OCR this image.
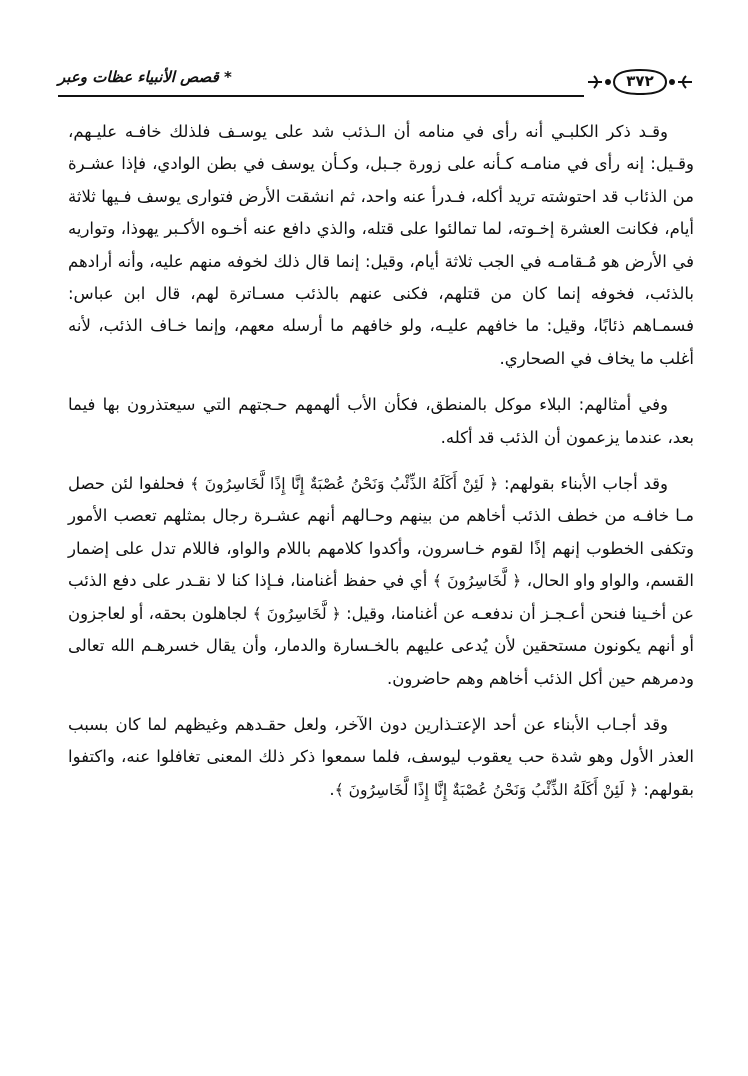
* قصص الأنبياء عظات وعبر	٣٧٢

وقـد ذكر الكلبـي أنه رأى في منامه أن الـذئب شد على يوسـف فلذلك خافـه عليـهم، وقـيل: إنه رأى في منامـه كـأنه على زورة جـبل، وكـأن يوسف في بطن الوادي، فإذا عشـرة من الذئاب قد احتوشته تريد أكله، فـدرأ عنه واحد، ثم انشقت الأرض فتوارى يوسف فـيها ثلاثة أيام، فكانت العشرة إخـوته، لما تمالئوا على قتله، والذي دافع عنه أخـوه الأكـبر يهوذا، وتواريه في الأرض هو مُـقامـه في الجب ثلاثة أيام، وقيل: إنما قال ذلك لخوفه منهم عليه، وأنه أرادهم بالذئب، فخوفه إنما كان من قتلهم، فكنى عنهم بالذئب مسـاترة لهم، قال ابن عباس: فسمـاهم ذئابًا، وقيل: ما خافهم عليـه، ولو خافهم ما أرسله معهم، وإنما خـاف الذئب، لأنه أغلب ما يخاف في الصحاري.

وفي أمثالهم: البلاء موكل بالمنطق، فكأن الأب ألهمهم حـجتهم التي سيعتذرون بها فيما بعد، عندما يزعمون أن الذئب قد أكله.

وقد أجاب الأبناء بقولهم: ﴿ لَئِنْ أَكَلَهُ الذِّئْبُ وَنَحْنُ عُصْبَةٌ إِنَّا إِذًا لَّخَاسِرُونَ ﴾ فحلفوا لئن حصل مـا خافـه من خطف الذئب أخاهم من بينهم وحـالهم أنهم عشـرة رجال بمثلهم تعصب الأمور وتكفى الخطوب إنهم إذًا لقوم خـاسرون، وأكدوا كلامهم باللام والواو، فاللام تدل على إضمار القسم، والواو واو الحال، ﴿ لَّخَاسِرُونَ ﴾ أي في حفظ أغنامنا، فـإذا كنا لا نقـدر على دفع الذئب عن أخـينا فنحن أعـجـز أن ندفعـه عن أغنامنا، وقيل: ﴿ لَّخَاسِرُونَ ﴾ لجاهلون بحقه، أو لعاجزون أو أنهم يكونون مستحقين لأن يُدعى عليهم بالخـسارة والدمار، وأن يقال خسرهـم الله تعالى ودمرهم حين أكل الذئب أخاهم وهم حاضرون.

وقد أجـاب الأبناء عن أحد الإعتـذارين دون الآخر، ولعل حقـدهم وغيظهم لما كان بسبب العذر الأول وهو شدة حب يعقوب ليوسف، فلما سمعوا ذكر ذلك المعنى تغافلوا عنه، واكتفوا بقولهم: ﴿ لَئِنْ أَكَلَهُ الذِّئْبُ وَنَحْنُ عُصْبَةٌ إِنَّا إِذًا لَّخَاسِرُونَ ﴾.
